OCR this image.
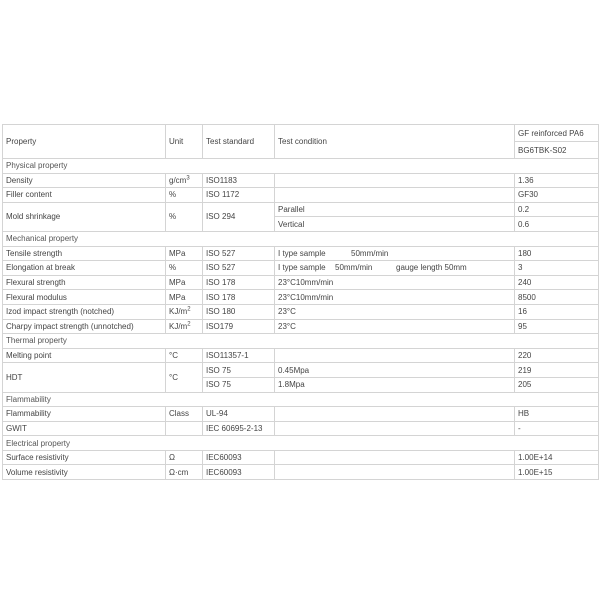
Property	Unit	Test standard	Test condition	GF reinforced PA6
				BG6TBK-S02
Physical property				
Density	$g/cm^3$	ISO1183		1.36
Filler content	%	ISO 1172		GF30
Mold shrinkage	%	ISO 294	Parallel	0.2
			Vertical	0.6
Mechanical property				
Tensile strength	MPa	ISO 527	I type sample 50mm/min	180
Elongation at break	%	ISO 527	I type sample 50mm/min gauge length 50mm	3
Flexural strength	MPa	ISO 178	23°C10mm/min	240
Flexural modulus	MPa	ISO 178	23°C10mm/min	8500
Izod impact strength (notched)	$KJ/m^2$	ISO 180	23°C	16
Charpy impact strength (unnotched)	$KJ/m^2$	ISO179	23°C	95
Thermal property				
Melting point	°C	ISO11357-1		220
HDT	°C	ISO 75	0.45Mpa	219
		ISO 75	1.8Mpa	205
Flammability				
Flammability	Class	UL-94		HB
GWIT		IEC 60695-2-13		-
Electrical property				
Surface resistivity	Ω	IEC60093		1.00E+14
Volume resistivity	Ω·cm	IEC60093		1.00E+15
